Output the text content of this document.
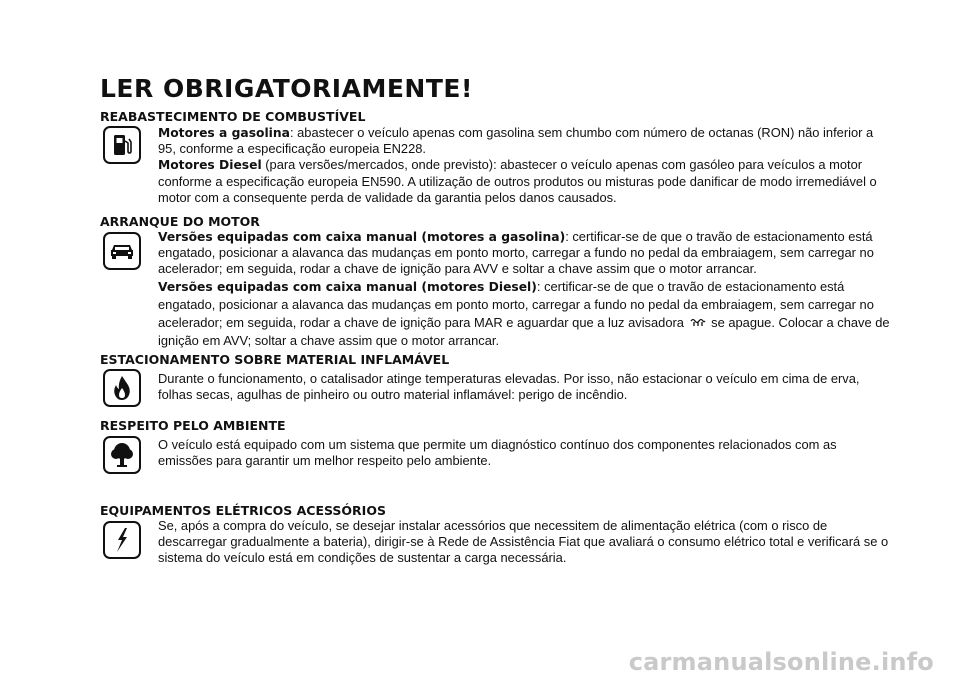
LER OBRIGATORIAMENTE!
REABASTECIMENTO DE COMBUSTÍVEL

Motores a gasolina: abastecer o veículo apenas com gasolina sem chumbo com número de octanas (RON) não inferior a 95, conforme a especificação europeia EN228.

Motores Diesel (para versões/mercados, onde previsto): abastecer o veículo apenas com gasóleo para veículos a motor conforme a especificação europeia EN590. A utilização de outros produtos ou misturas pode danificar de modo irremediável o motor com a consequente perda de validade da garantia pelos danos causados.

ARRANQUE DO MOTOR

Versões equipadas com caixa manual (motores a gasolina): certificar-se de que o travão de estacionamento está engatado, posicionar a alavanca das mudanças em ponto morto, carregar a fundo no pedal da embraiagem, sem carregar no acelerador; em seguida, rodar a chave de ignição para AVV e soltar a chave assim que o motor arrancar.

Versões equipadas com caixa manual (motores Diesel): certificar-se de que o travão de estacionamento está engatado, posicionar a alavanca das mudanças em ponto morto, carregar a fundo no pedal da embraiagem, sem carregar no acelerador; em seguida, rodar a chave de ignição para MAR e aguardar que a luz avisadora  se apague. Colocar a chave de ignição em AVV; soltar a chave assim que o motor arrancar.

ESTACIONAMENTO SOBRE MATERIAL INFLAMÁVEL

Durante o funcionamento, o catalisador atinge temperaturas elevadas. Por isso, não estacionar o veículo em cima de erva, folhas secas, agulhas de pinheiro ou outro material inflamável: perigo de incêndio.

RESPEITO PELO AMBIENTE

O veículo está equipado com um sistema que permite um diagnóstico contínuo dos componentes relacionados com as emissões para garantir um melhor respeito pelo ambiente.

EQUIPAMENTOS ELÉTRICOS ACESSÓRIOS

Se, após a compra do veículo, se desejar instalar acessórios que necessitem de alimentação elétrica (com o risco de descarregar gradualmente a bateria), dirigir-se à Rede de Assistência Fiat que avaliará o consumo elétrico total e verificará se o sistema do veículo está em condições de sustentar a carga necessária.

carmanualsonline.info
